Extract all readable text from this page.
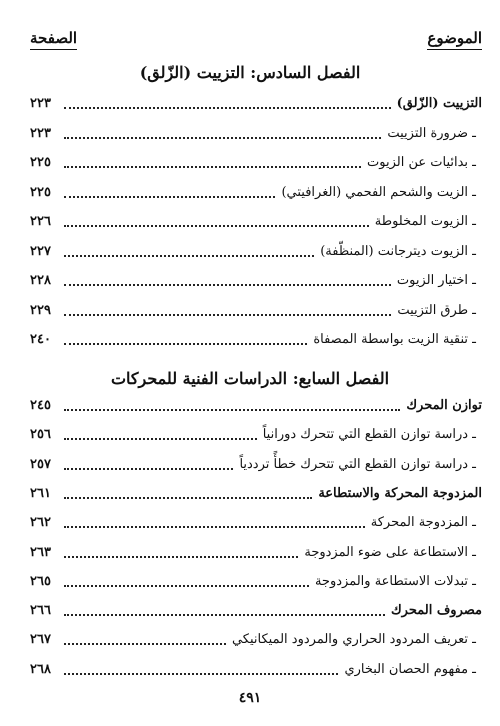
الموضوع
الصفحة
الفصل السادس: التزييت (الزّلق)
التزييت (الزّلق)
٢٢٣
ـ ضرورة التزييت
٢٢٣
ـ بدائيات عن الزيوت
٢٢٥
ـ الزيت والشحم الفحمي (الغرافيتي)
٢٢٥
ـ الزيوت المخلوطة
٢٢٦
ـ الزيوت ديترجانت (المنظّفة)
٢٢٧
ـ اختيار الزيوت
٢٢٨
ـ طرق التزييت
٢٢٩
ـ تنقية الزيت بواسطة المصفاة
٢٤٠
الفصل السابع: الدراسات الفنية للمحركات
توازن المحرك
٢٤٥
ـ دراسة توازن القطع التي تتحرك دورانياً
٢٥٦
ـ دراسة توازن القطع التي تتحرك خطأً ترددياً
٢٥٧
المزدوجة المحركة والاستطاعة
٢٦١
ـ المزدوجة المحركة
٢٦٢
ـ الاستطاعة على ضوء المزدوجة
٢٦٣
ـ تبدلات الاستطاعة والمزدوجة
٢٦٥
مصروف المحرك
٢٦٦
ـ تعريف المردود الحراري والمردود الميكانيكي
٢٦٧
ـ مفهوم الحصان البخاري
٢٦٨
٤٩١
